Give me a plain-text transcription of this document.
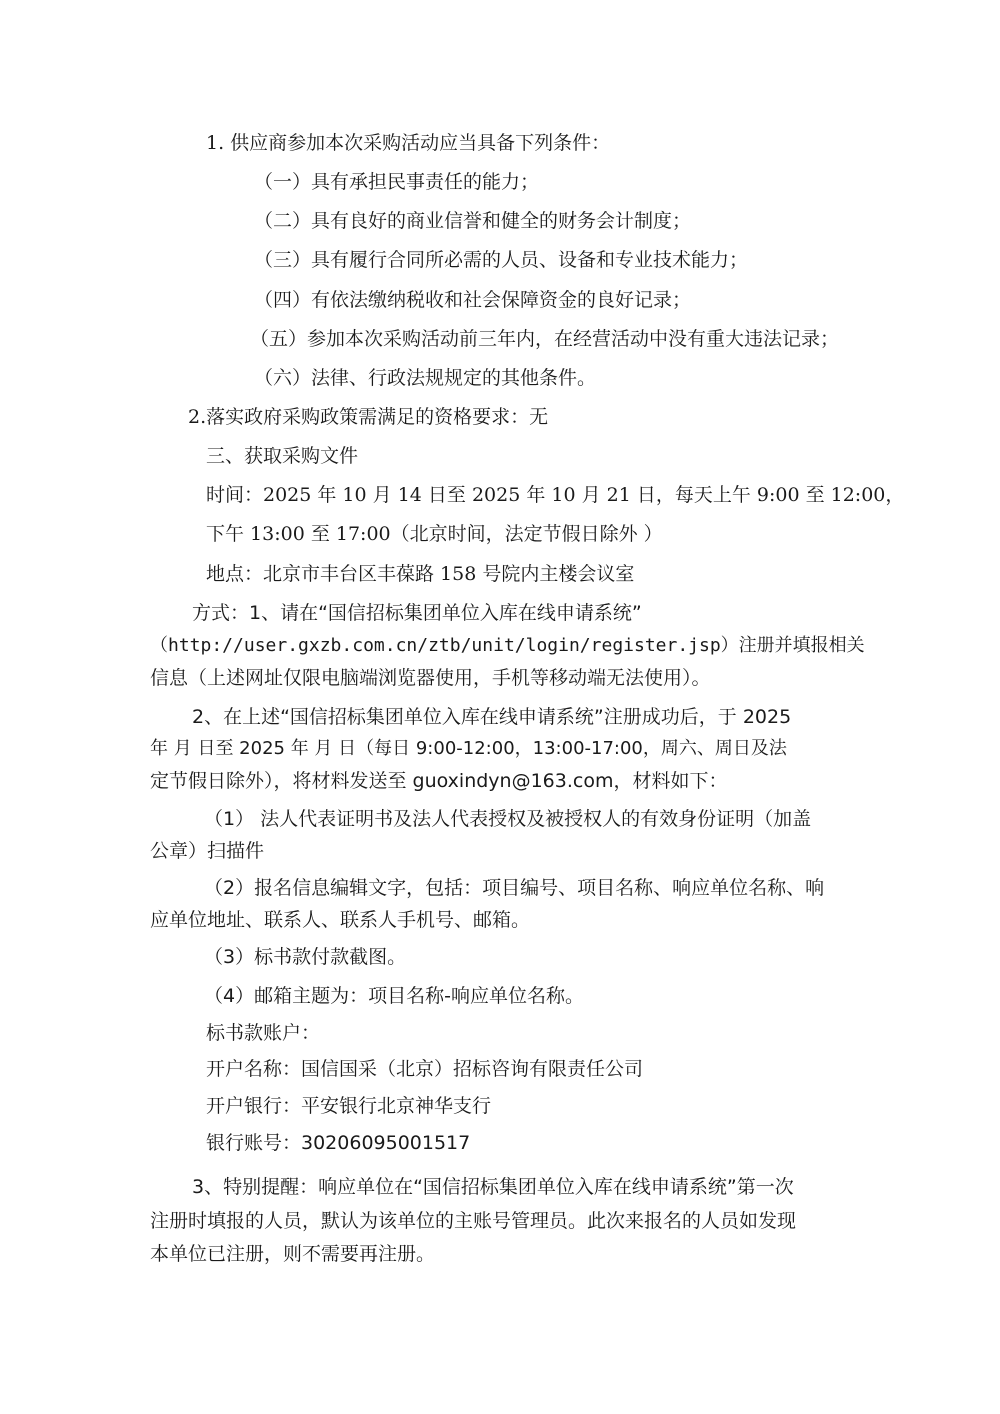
1. 供应商参加本次采购活动应当具备下列条件：
（一）具有承担民事责任的能力；
（二）具有良好的商业信誉和健全的财务会计制度；
（三）具有履行合同所必需的人员、设备和专业技术能力；
（四）有依法缴纳税收和社会保障资金的良好记录；
（五）参加本次采购活动前三年内，在经营活动中没有重大违法记录；
（六）法律、行政法规规定的其他条件。
2.落实政府采购政策需满足的资格要求：无
三、获取采购文件
时间：2025 年 10 月 14 日至 2025 年 10 月 21 日，每天上午 9:00 至 12:00，
下午 13:00 至 17:00（北京时间，法定节假日除外 ）
地点：北京市丰台区丰葆路 158 号院内主楼会议室
方式：1、请在“国信招标集团单位入库在线申请系统”
（http://user.gxzb.com.cn/ztb/unit/login/register.jsp）注册并填报相关
信息（上述网址仅限电脑端浏览器使用，手机等移动端无法使用）。
2、在上述“国信招标集团单位入库在线申请系统”注册成功后，于 2025
年 月 日至 2025 年 月 日（每日 9:00-12:00，13:00-17:00，周六、周日及法
定节假日除外），将材料发送至 guoxindyn@163.com，材料如下：
（1） 法人代表证明书及法人代表授权及被授权人的有效身份证明（加盖
公章）扫描件
（2）报名信息编辑文字，包括：项目编号、项目名称、响应单位名称、响
应单位地址、联系人、联系人手机号、邮箱。
（3）标书款付款截图。
（4）邮箱主题为：项目名称-响应单位名称。
标书款账户：
开户名称：国信国采（北京）招标咨询有限责任公司
开户银行：平安银行北京神华支行
银行账号：30206095001517
3、特别提醒：响应单位在“国信招标集团单位入库在线申请系统”第一次
注册时填报的人员，默认为该单位的主账号管理员。此次来报名的人员如发现
本单位已注册，则不需要再注册。
